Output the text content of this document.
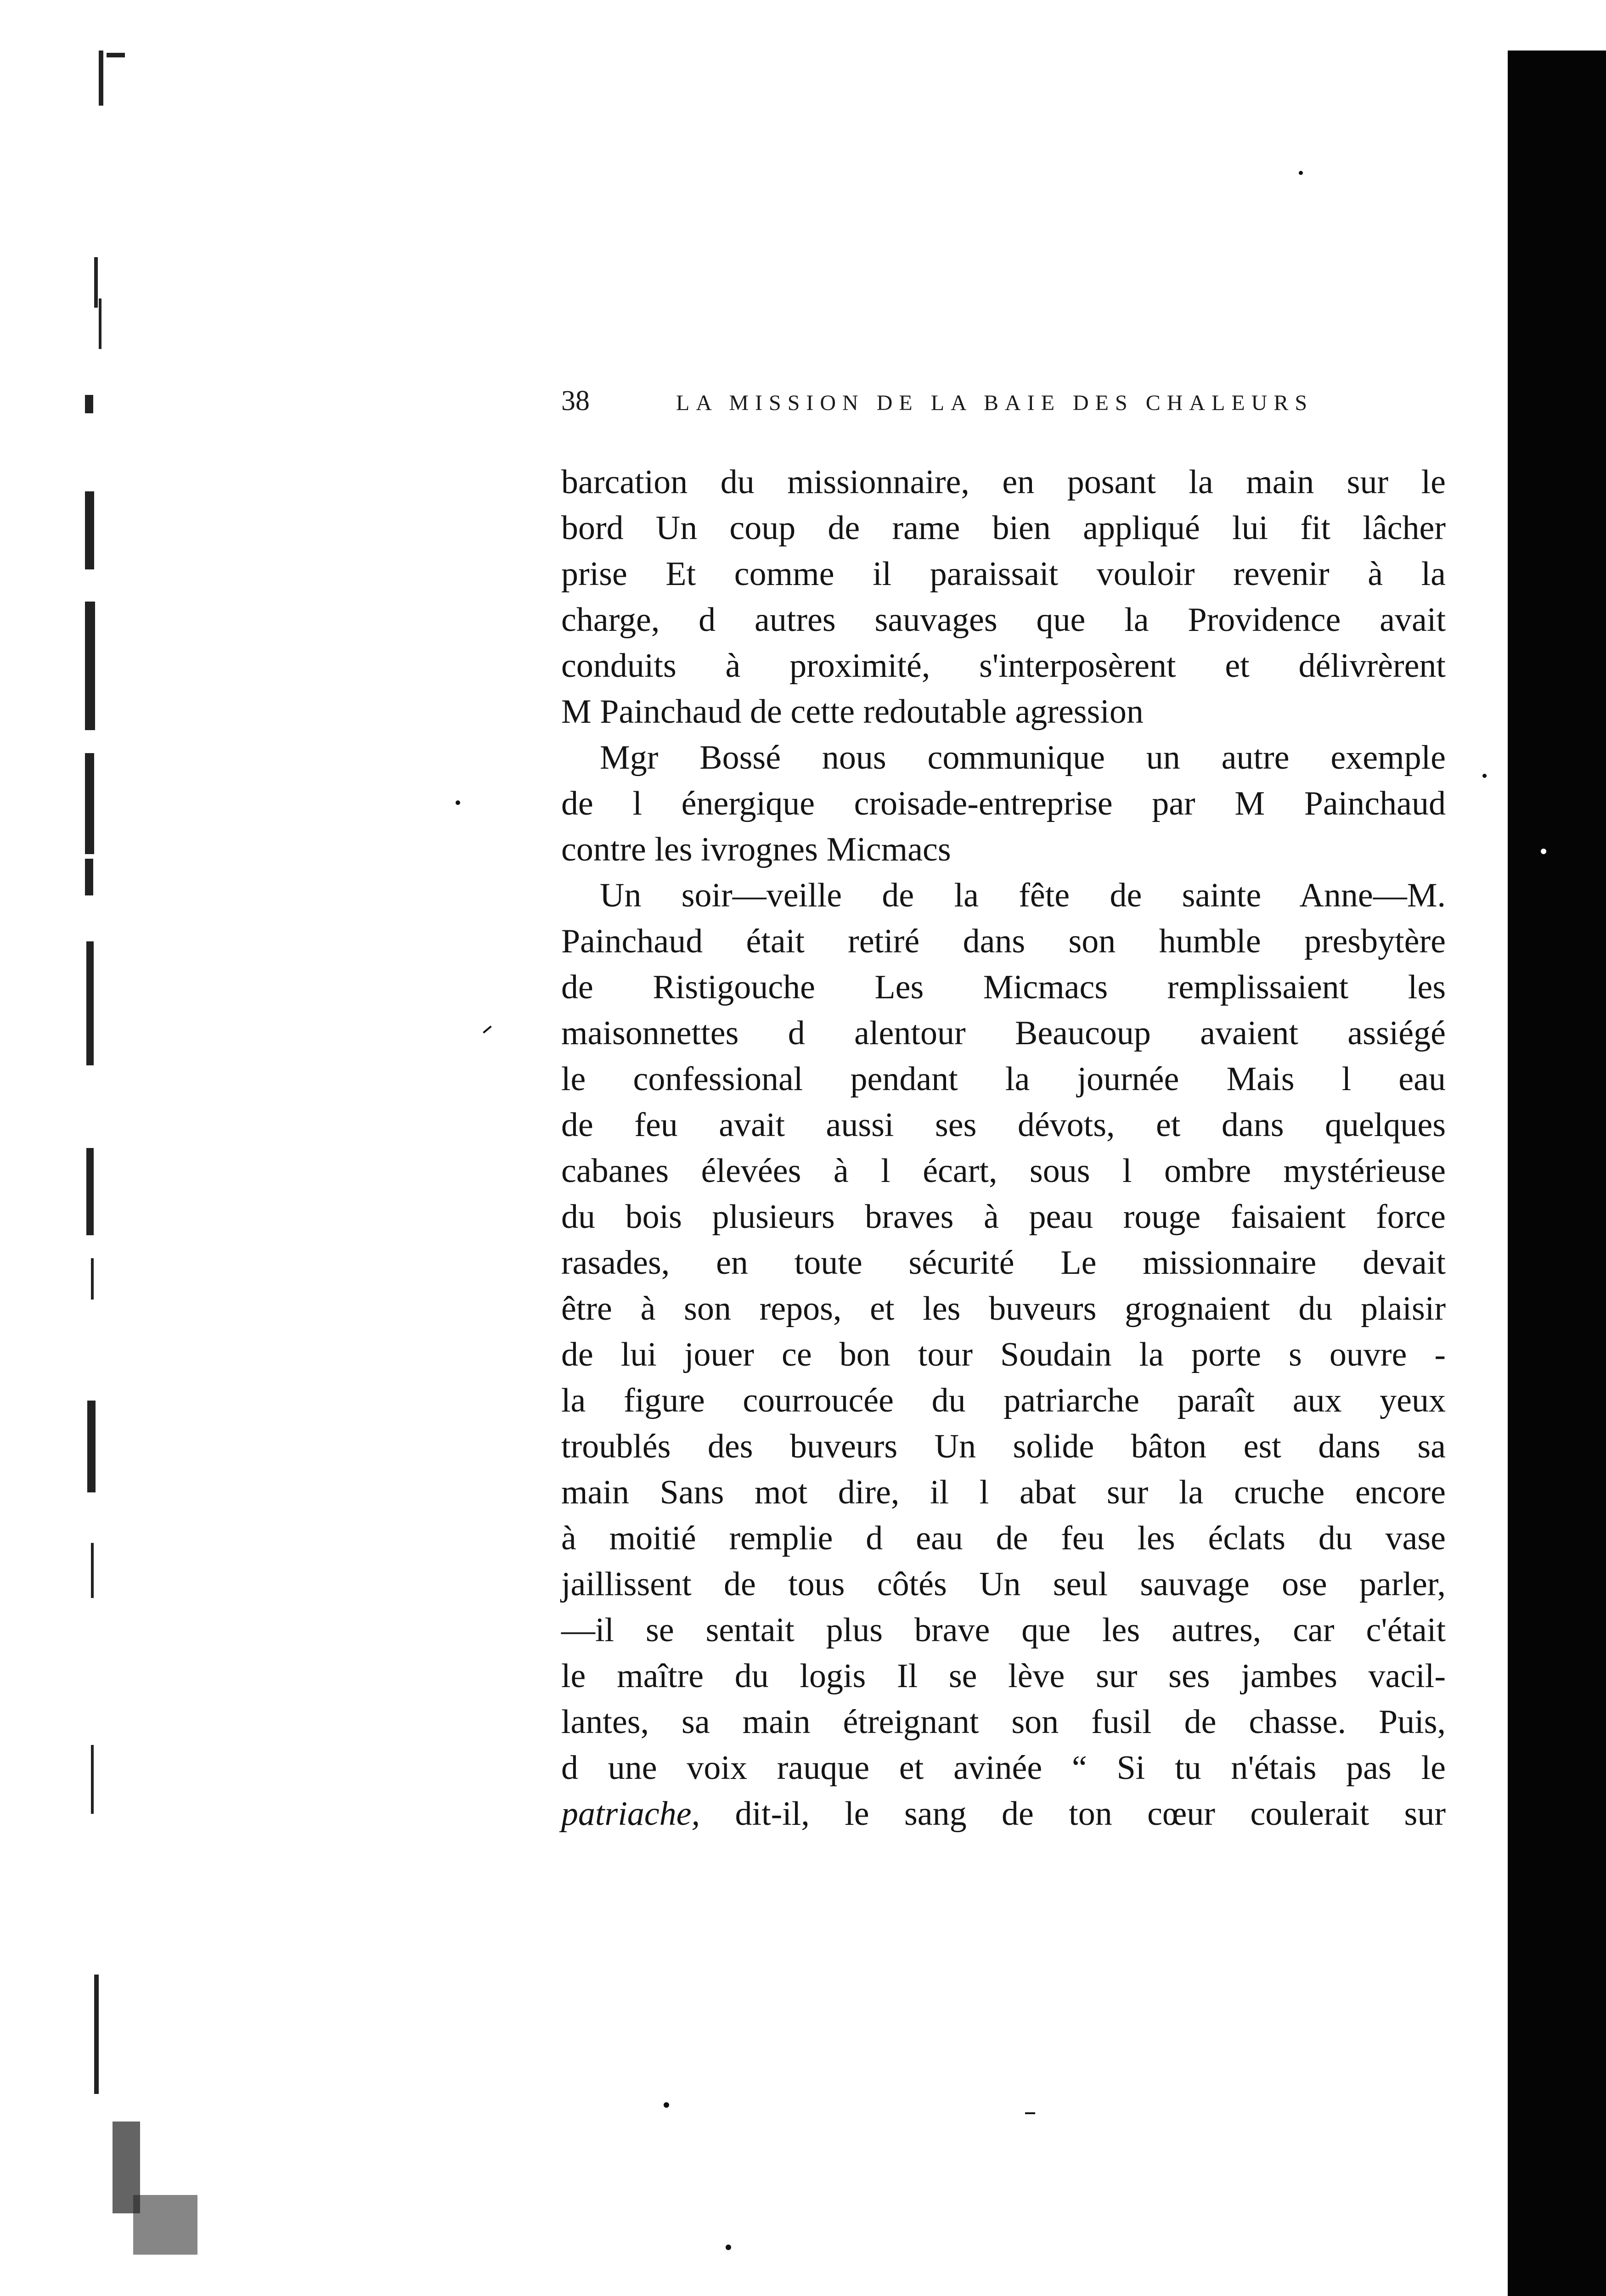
38	LA MISSION DE LA BAIE DES CHALEURS
barcation du missionnaire, en posant la main sur le
bord Un coup de rame bien appliqué lui fit lâcher
prise Et comme il paraissait vouloir revenir à la
charge, d autres sauvages que la Providence avait
conduits à proximité, s'interposèrent et délivrèrent
M Painchaud de cette redoutable agression
Mgr Bossé nous communique un autre exemple
de l énergique croisade-entreprise par M Painchaud
contre les ivrognes Micmacs
Un soir—veille de la fête de sainte Anne—M.
Painchaud était retiré dans son humble presbytère
de Ristigouche Les Micmacs remplissaient les
maisonnettes d alentour Beaucoup avaient assiégé
le confessional pendant la journée Mais l eau
de feu avait aussi ses dévots, et dans quelques
cabanes élevées à l écart, sous l ombre mystérieuse
du bois plusieurs braves à peau rouge faisaient force
rasades, en toute sécurité Le missionnaire devait
être à son repos, et les buveurs grognaient du plaisir
de lui jouer ce bon tour Soudain la porte s ouvre -
la figure courroucée du patriarche paraît aux yeux
troublés des buveurs Un solide bâton est dans sa
main Sans mot dire, il l abat sur la cruche encore
à moitié remplie d eau de feu les éclats du vase
jaillissent de tous côtés Un seul sauvage ose parler,
—il se sentait plus brave que les autres, car c'était
le maître du logis Il se lève sur ses jambes vacil-
lantes, sa main étreignant son fusil de chasse. Puis,
d une voix rauque et avinée “ Si tu n'étais pas le
patriache, dit-il, le sang de ton cœur coulerait sur
